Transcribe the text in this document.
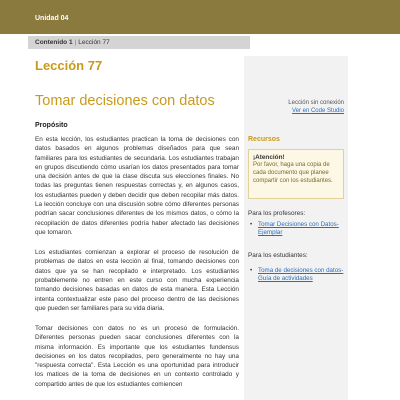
Unidad 04
Contenido 1 | Lección 77
Lección 77
Tomar decisiones con datos
Propósito

En esta lección, los estudiantes practican la toma de decisiones con datos basados en algunos problemas diseñados para que sean familiares para los estudiantes de secundaria. Los estudiantes trabajan en grupos discutiendo cómo usarían los datos presentados para tomar una decisión antes de que la clase discuta sus elecciones finales. No todas las preguntas tienen respuestas correctas y, en algunos casos, los estudiantes pueden y deben decidir que deben recopilar más datos. La lección concluye con una discusión sobre cómo diferentes personas podrían sacar conclusiones diferentes de los mismos datos, o cómo la recopilación de datos diferentes podría haber afectado las decisiones que tomaron.

Los estudiantes comienzan a explorar el proceso de resolución de problemas de datos en esta lección al final, tomando decisiones con datos que ya se han recopilado e interpretado. Los estudiantes probablemente no entren en este curso con mucha experiencia tomando decisiones basadas en datos de esta manera. Esta Lección intenta contextualizar este paso del proceso dentro de las decisiones que pueden ser familiares para su vida diaria.

Tomar decisiones con datos no es un proceso de formulación. Diferentes personas pueden sacar conclusiones diferentes con la misma información. Es importante que los estudiantes fundensus decisiones en los datos recopilados, pero generalmente no hay una "respuesta correcta". Esta Lección es una oportunidad para introducir los matices de la toma de decisiones en un contexto controlado y compartido antes de que los estudiantes comiencen

Lección sin conexión
Ver en Code Studio
Recursos
¡Atención!
Por favor, haga una copia de cada documento que planee compartir con los estudiantes.
Para los profesores:
• Tomar Decisiones con Datos- Ejemplar
Para los estudiantes:
• Toma de decisiones con datos- Guía de actividades
